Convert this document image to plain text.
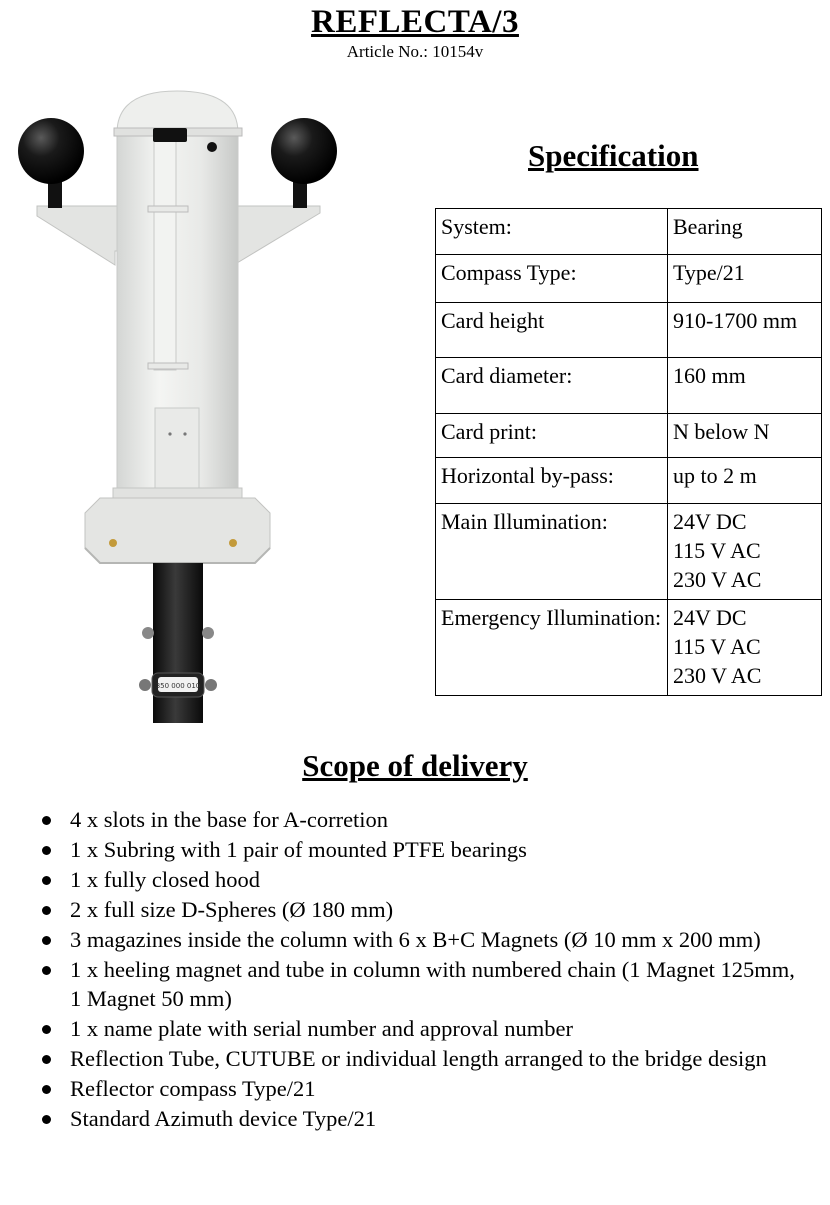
REFLECTA/3
Article No.: 10154v
350 000 010
Specification
System:	Bearing

Compass Type:	Type/21

Card height	910-1700 mm

Card diameter:	160 mm

Card print:	N below N

Horizontal by-pass:	up to 2 m

Main Illumination:	24V DC
115 V AC
230 V AC

Emergency Illumination:	24V DC
115 V AC
230 V AC
Scope of delivery
4 x slots in the base for A-corretion
1 x Subring with 1 pair of mounted PTFE bearings
1 x fully closed hood
2 x full size D-Spheres (Ø 180 mm)
3 magazines inside the column with 6 x B+C Magnets (Ø 10 mm x 200 mm)
1 x heeling magnet and tube in column with numbered chain (1 Magnet 125mm, 1 Magnet 50 mm)
1 x name plate with serial number and approval number
Reflection Tube, CUTUBE or individual length arranged to the bridge design
Reflector compass Type/21
Standard Azimuth device Type/21
